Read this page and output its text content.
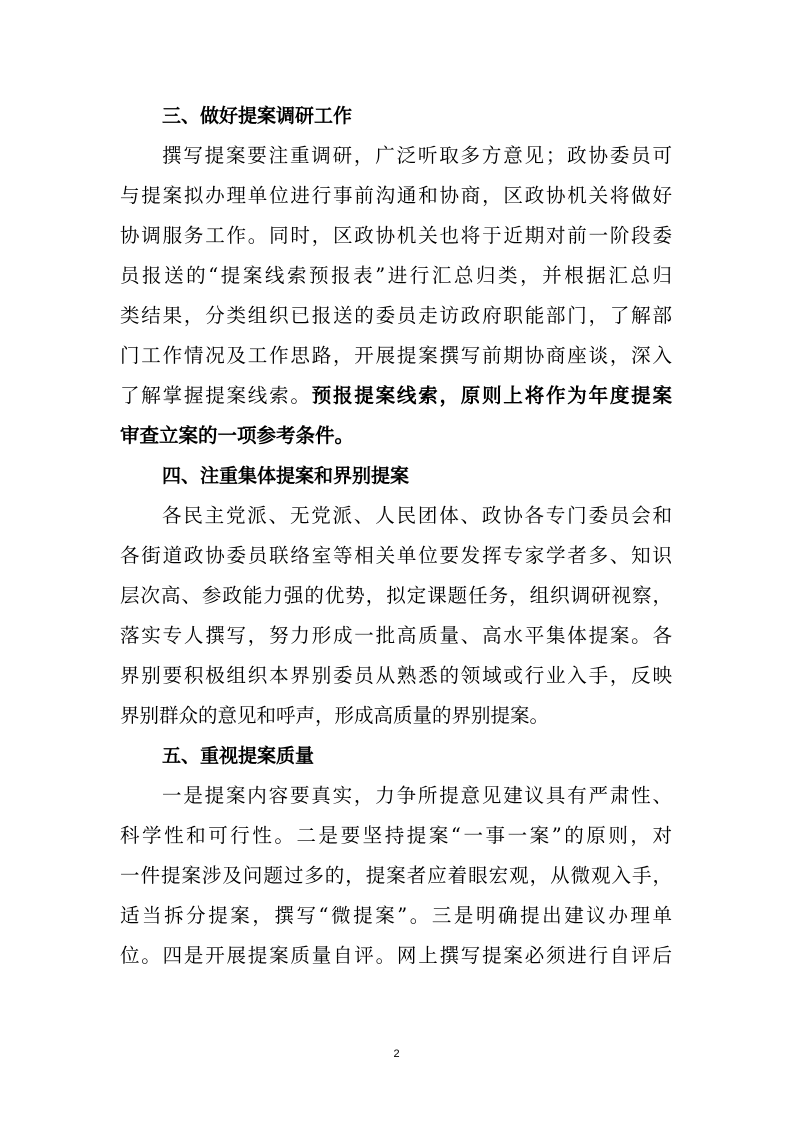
三、做好提案调研工作
撰写提案要注重调研，广泛听取多方意见；政协委员可
与提案拟办理单位进行事前沟通和协商，区政协机关将做好
协调服务工作。同时，区政协机关也将于近期对前一阶段委
员报送的“提案线索预报表”进行汇总归类，并根据汇总归
类结果，分类组织已报送的委员走访政府职能部门，了解部
门工作情况及工作思路，开展提案撰写前期协商座谈，深入
了解掌握提案线索。预报提案线索，原则上将作为年度提案
审查立案的一项参考条件。
四、注重集体提案和界别提案
各民主党派、无党派、人民团体、政协各专门委员会和
各街道政协委员联络室等相关单位要发挥专家学者多、知识
层次高、参政能力强的优势，拟定课题任务，组织调研视察，
落实专人撰写，努力形成一批高质量、高水平集体提案。各
界别要积极组织本界别委员从熟悉的领域或行业入手，反映
界别群众的意见和呼声，形成高质量的界别提案。
五、重视提案质量
一是提案内容要真实，力争所提意见建议具有严肃性、
科学性和可行性。二是要坚持提案“一事一案”的原则，对
一件提案涉及问题过多的，提案者应着眼宏观，从微观入手，
适当拆分提案，撰写“微提案”。三是明确提出建议办理单
位。四是开展提案质量自评。网上撰写提案必须进行自评后
2
